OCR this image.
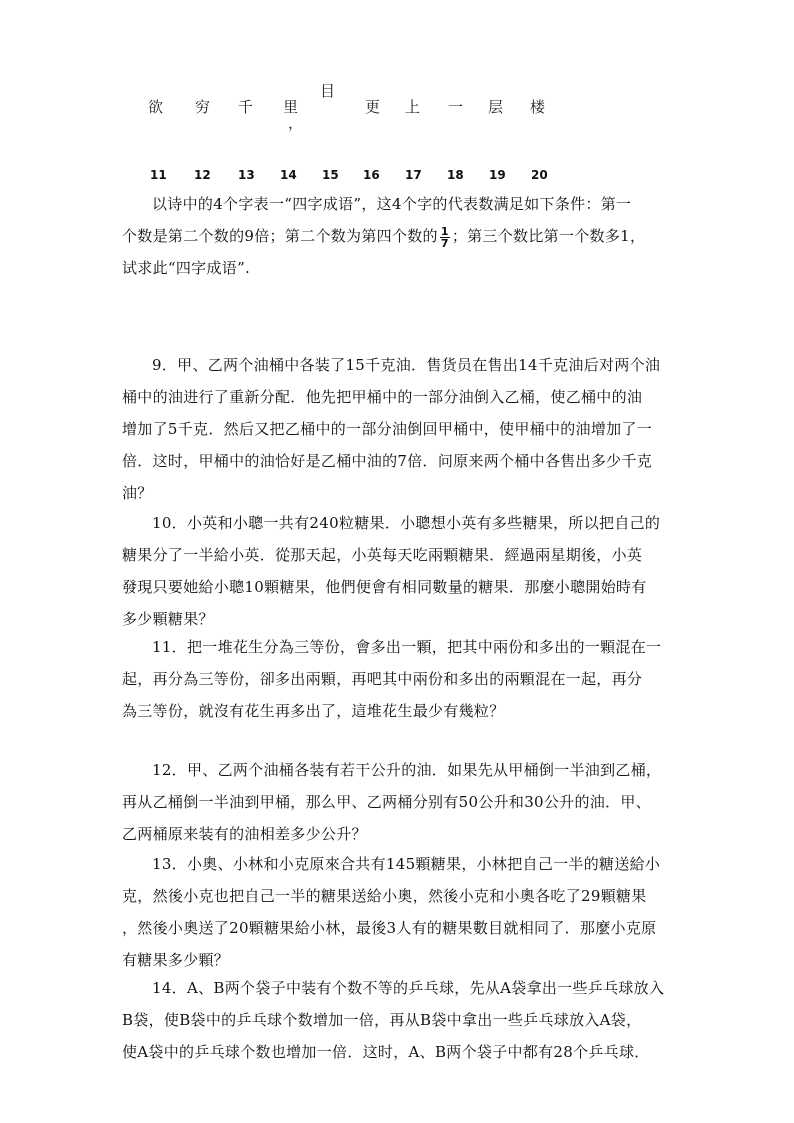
欲 穷 千 里
目
，
更 上 一 层 楼
11 12 13 14 15 16 17 18 19 20
以诗中的4个字表一“四字成语”，这4个字的代表数满足如下条件：第一
个数是第二个数的9倍；第二个数为第四个数的 $\frac{1}{7}$ ；第三个数比第一个数多1，
试求此“四字成语”.
9．甲、乙两个油桶中各装了15千克油．售货员在售出14千克油后对两个油
桶中的油进行了重新分配．他先把甲桶中的一部分油倒入乙桶，使乙桶中的油
增加了5千克．然后又把乙桶中的一部分油倒回甲桶中，使甲桶中的油增加了一
倍．这时，甲桶中的油恰好是乙桶中油的7倍．问原来两个桶中各售出多少千克
油？
10．小英和小聰一共有240粒糖果．小聰想小英有多些糖果，所以把自己的
糖果分了一半給小英．從那天起，小英每天吃兩顆糖果．經過兩星期後，小英
發現只要她給小聰10顆糖果，他們便會有相同數量的糖果．那麼小聰開始時有
多少顆糖果？
11．把一堆花生分為三等份，會多出一顆，把其中兩份和多出的一顆混在一
起，再分為三等份，卻多出兩顆，再吧其中兩份和多出的兩顆混在一起，再分
為三等份，就沒有花生再多出了，這堆花生最少有幾粒？
12．甲、乙两个油桶各装有若干公升的油．如果先从甲桶倒一半油到乙桶，
再从乙桶倒一半油到甲桶，那么甲、乙两桶分别有50公升和30公升的油．甲、
乙两桶原来装有的油相差多少公升？
13．小奧、小林和小克原來合共有145顆糖果，小林把自己一半的糖送給小
克，然後小克也把自己一半的糖果送給小奧，然後小克和小奧各吃了29顆糖果
，然後小奧送了20顆糖果給小林，最後3人有的糖果數目就相同了．那麼小克原
有糖果多少顆？
14．A、B两个袋子中装有个数不等的乒乓球，先从A袋拿出一些乒乓球放入
B袋，使B袋中的乒乓球个数增加一倍，再从B袋中拿出一些乒乓球放入A袋，
使A袋中的乒乓球个数也增加一倍．这时，A、B两个袋子中都有28个乒乓球．
